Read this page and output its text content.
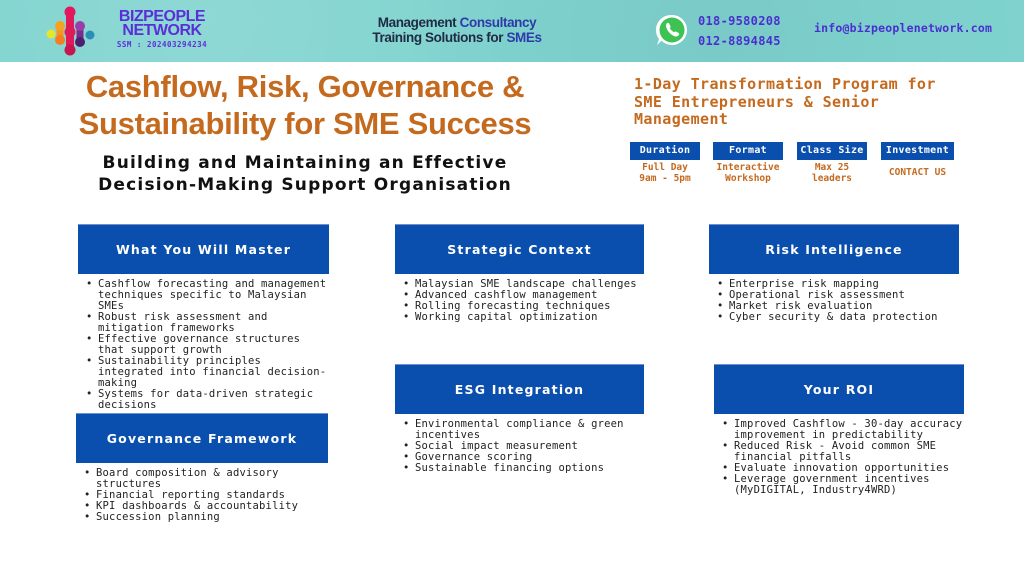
BIZPEOPLE
NETWORK
SSM : 202403294234
Management Consultancy
Training Solutions for SMEs
018-9580208
012-8894845
info@bizpeoplenetwork.com
Cashflow, Risk, Governance & Sustainability for SME Success
Building and Maintaining an Effective Decision-Making Support Organisation
1-Day Transformation Program for SME Entrepreneurs & Senior Management
Duration
Full Day
9am - 5pm
Format
Interactive
Workshop
Class Size
Max 25
leaders
Investment
CONTACT US
What You Will Master
• Cashflow forecasting and management techniques specific to Malaysian SMEs
• Robust risk assessment and mitigation frameworks
• Effective governance structures that support growth
• Sustainability principles integrated into financial decision-making
• Systems for data-driven strategic decisions
Governance Framework
• Board composition & advisory structures
• Financial reporting standards
• KPI dashboards & accountability
• Succession planning
Strategic Context
• Malaysian SME landscape challenges
• Advanced cashflow management
• Rolling forecasting techniques
• Working capital optimization
ESG Integration
• Environmental compliance & green incentives
• Social impact measurement
• Governance scoring
• Sustainable financing options
Risk Intelligence
• Enterprise risk mapping
• Operational risk assessment
• Market risk evaluation
• Cyber security & data protection
Your ROI
• Improved Cashflow - 30-day accuracy improvement in predictability
• Reduced Risk - Avoid common SME financial pitfalls
• Evaluate innovation opportunities
• Leverage government incentives (MyDIGITAL, Industry4WRD)
